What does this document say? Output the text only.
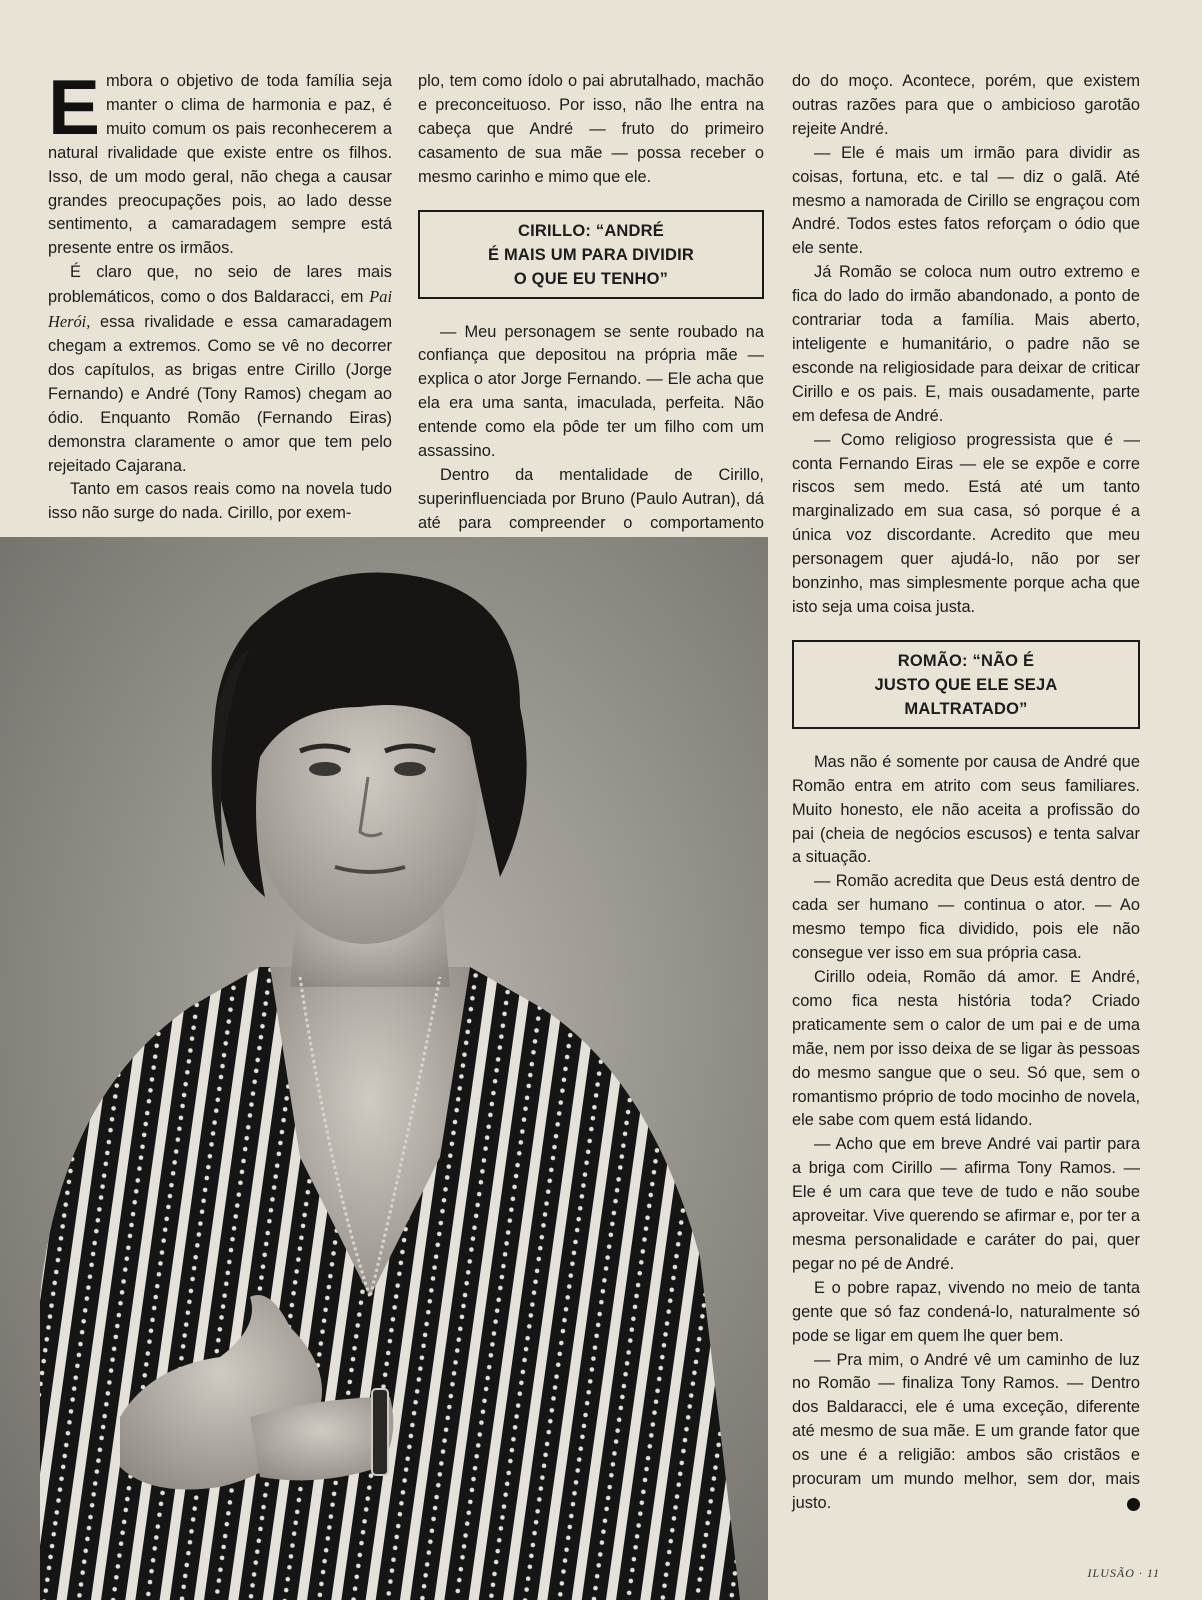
Embora o objetivo de toda família seja manter o clima de harmonia e paz, é muito comum os pais reconhecerem a natural rivalidade que existe entre os filhos. Isso, de um modo geral, não chega a causar grandes preocupações pois, ao lado desse sentimento, a camaradagem sempre está presente entre os irmãos.

É claro que, no seio de lares mais problemáticos, como o dos Baldaracci, em Pai Herói, essa rivalidade e essa camaradagem chegam a extremos. Como se vê no decorrer dos capítulos, as brigas entre Cirillo (Jorge Fernando) e André (Tony Ramos) chegam ao ódio. Enquanto Romão (Fernando Eiras) demonstra claramente o amor que tem pelo rejeitado Cajarana.

Tanto em casos reais como na novela tudo isso não surge do nada. Cirillo, por exem-

plo, tem como ídolo o pai abrutalhado, machão e preconceituoso. Por isso, não lhe entra na cabeça que André — fruto do primeiro casamento de sua mãe — possa receber o mesmo carinho e mimo que ele.

CIRILLO: “ANDRÉ
É MAIS UM PARA DIVIDIR
O QUE EU TENHO”

— Meu personagem se sente roubado na confiança que depositou na própria mãe — explica o ator Jorge Fernando. — Ele acha que ela era uma santa, imaculada, perfeita. Não entende como ela pôde ter um filho com um assassino.

Dentro da mentalidade de Cirillo, superinfluenciada por Bruno (Paulo Autran), dá até para compreender o comportamento

do do moço. Acontece, porém, que existem outras razões para que o ambicioso garotão rejeite André.

— Ele é mais um irmão para dividir as coisas, fortuna, etc. e tal — diz o galã. Até mesmo a namorada de Cirillo se engraçou com André. Todos estes fatos reforçam o ódio que ele sente.

Já Romão se coloca num outro extremo e fica do lado do irmão abandonado, a ponto de contrariar toda a família. Mais aberto, inteligente e humanitário, o padre não se esconde na religiosidade para deixar de criticar Cirillo e os pais. E, mais ousadamente, parte em defesa de André.

— Como religioso progressista que é — conta Fernando Eiras — ele se expõe e corre riscos sem medo. Está até um tanto marginalizado em sua casa, só porque é a única voz discordante. Acredito que meu personagem quer ajudá-lo, não por ser bonzinho, mas simplesmente porque acha que isto seja uma coisa justa.

ROMÃO: “NÃO É
JUSTO QUE ELE SEJA
MALTRATADO”

Mas não é somente por causa de André que Romão entra em atrito com seus familiares. Muito honesto, ele não aceita a profissão do pai (cheia de negócios escusos) e tenta salvar a situação.

— Romão acredita que Deus está dentro de cada ser humano — continua o ator. — Ao mesmo tempo fica dividido, pois ele não consegue ver isso em sua própria casa.

Cirillo odeia, Romão dá amor. E André, como fica nesta história toda? Criado praticamente sem o calor de um pai e de uma mãe, nem por isso deixa de se ligar às pessoas do mesmo sangue que o seu. Só que, sem o romantismo próprio de todo mocinho de novela, ele sabe com quem está lidando.

— Acho que em breve André vai partir para a briga com Cirillo — afirma Tony Ramos. — Ele é um cara que teve de tudo e não soube aproveitar. Vive querendo se afirmar e, por ter a mesma personalidade e caráter do pai, quer pegar no pé de André.

E o pobre rapaz, vivendo no meio de tanta gente que só faz condená-lo, naturalmente só pode se ligar em quem lhe quer bem.

— Pra mim, o André vê um caminho de luz no Romão — finaliza Tony Ramos. — Dentro dos Baldaracci, ele é uma exceção, diferente até mesmo de sua mãe. E um grande fator que os une é a religião: ambos são cristãos e procuram um mundo melhor, sem dor, mais justo.

ILUSÃO · 11
